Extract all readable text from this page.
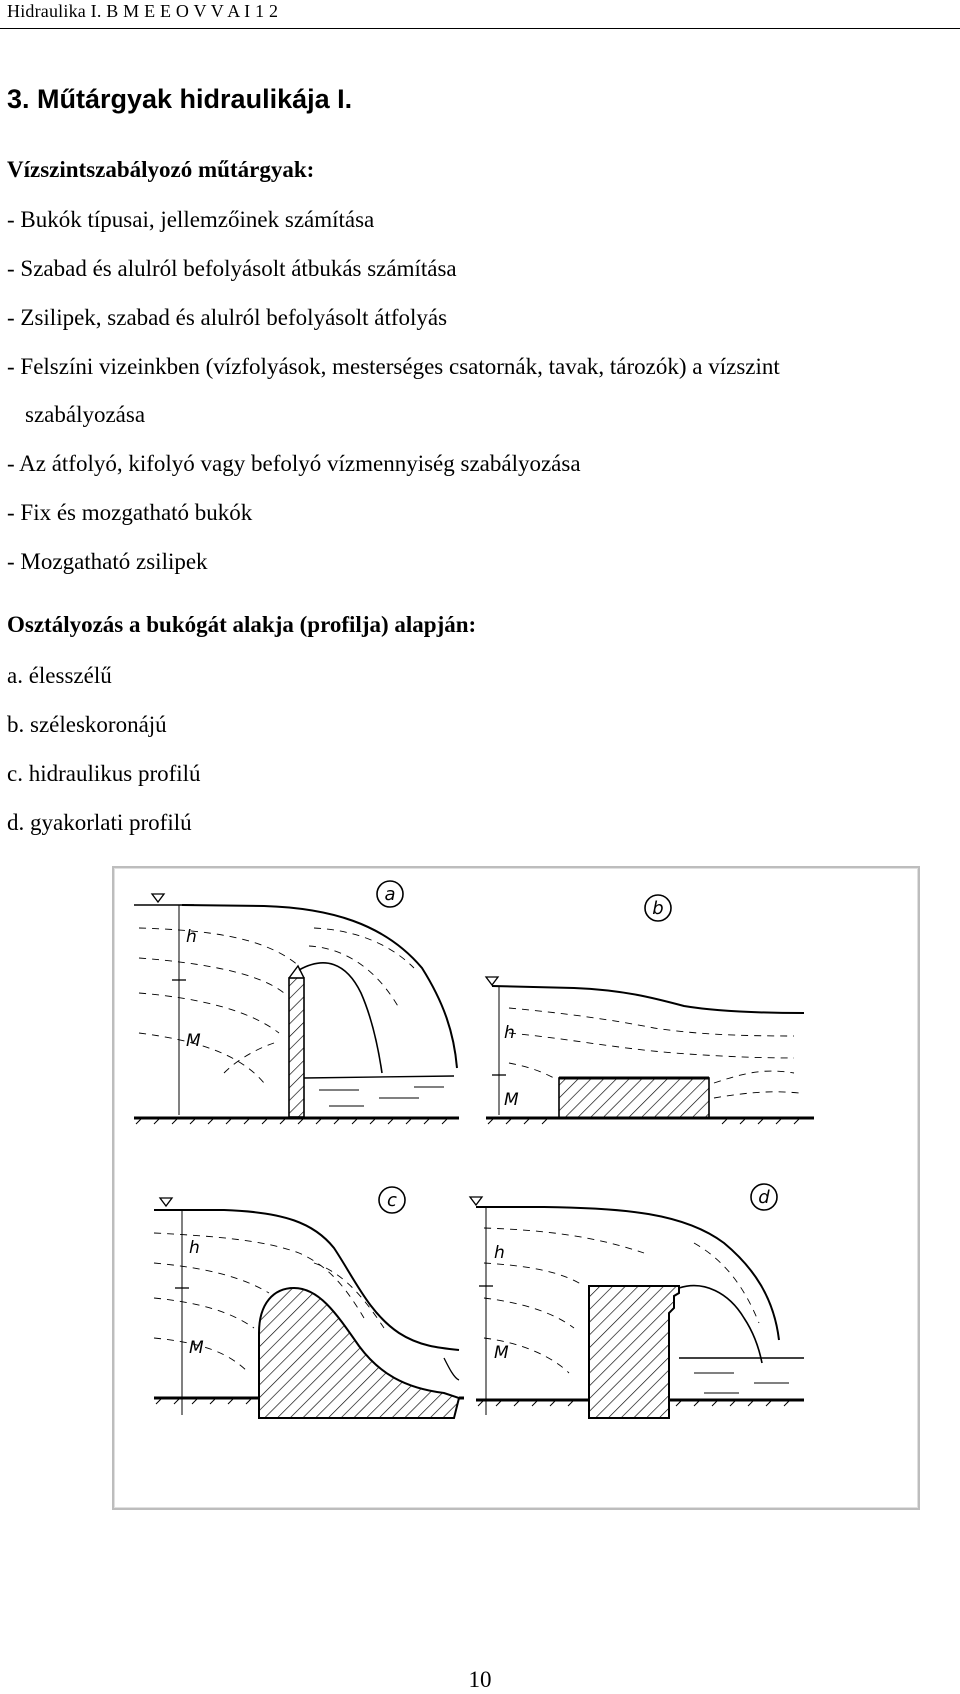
Hidraulika I. B M E E O V V A I 1 2
3. Műtárgyak hidraulikája I.
Vízszintszabályozó műtárgyak:
- Bukók típusai, jellemzőinek számítása
- Szabad és alulról befolyásolt átbukás számítása
- Zsilipek, szabad és alulról befolyásolt átfolyás
- Felszíni vizeinkben (vízfolyások, mesterséges csatornák, tavak, tározók) a vízszint
szabályozása
- Az átfolyó, kifolyó vagy befolyó vízmennyiség szabályozása
- Fix és mozgatható bukók
- Mozgatható zsilipek
Osztályozás a bukógát alakja (profilja) alapján:
a. élesszélű
b. széleskoronájú
c. hidraulikus profilú
d. gyakorlati profilú
a
h
M
b
h
M
c
h
M
d
h
M
10
